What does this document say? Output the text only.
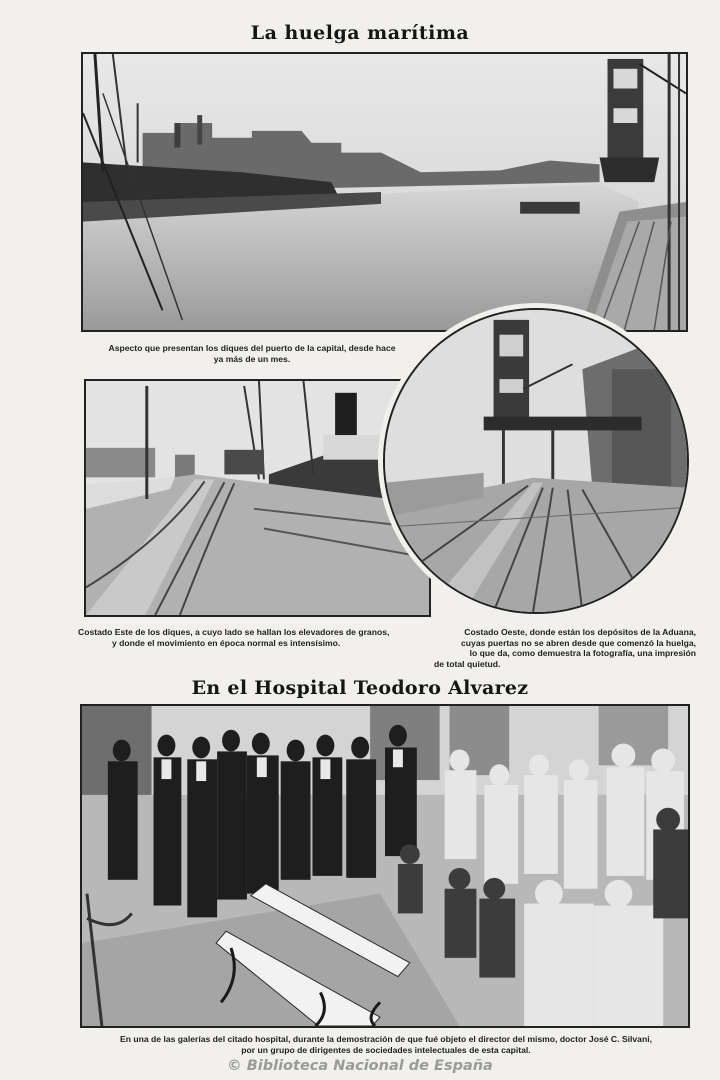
La huelga marítima

Aspecto que presentan los diques del puerto de la capital, desde hace
ya más de un mes.

Costado Este de los diques, a cuyo lado se hallan los elevadores de granos,
y donde el movimiento en época normal es intensísimo.

Costado Oeste, donde están los depósitos de la Aduana,
cuyas puertas no se abren desde que comenzó la huelga,
lo que da, como demuestra la fotografía, una impresión
de total quietud.

En el Hospital Teodoro Alvarez

En una de las galerías del citado hospital, durante la demostración de que fué objeto el director del mismo, doctor José C. Silvani,
por un grupo de dirigentes de sociedades intelectuales de esta capital.

© Biblioteca Nacional de España
